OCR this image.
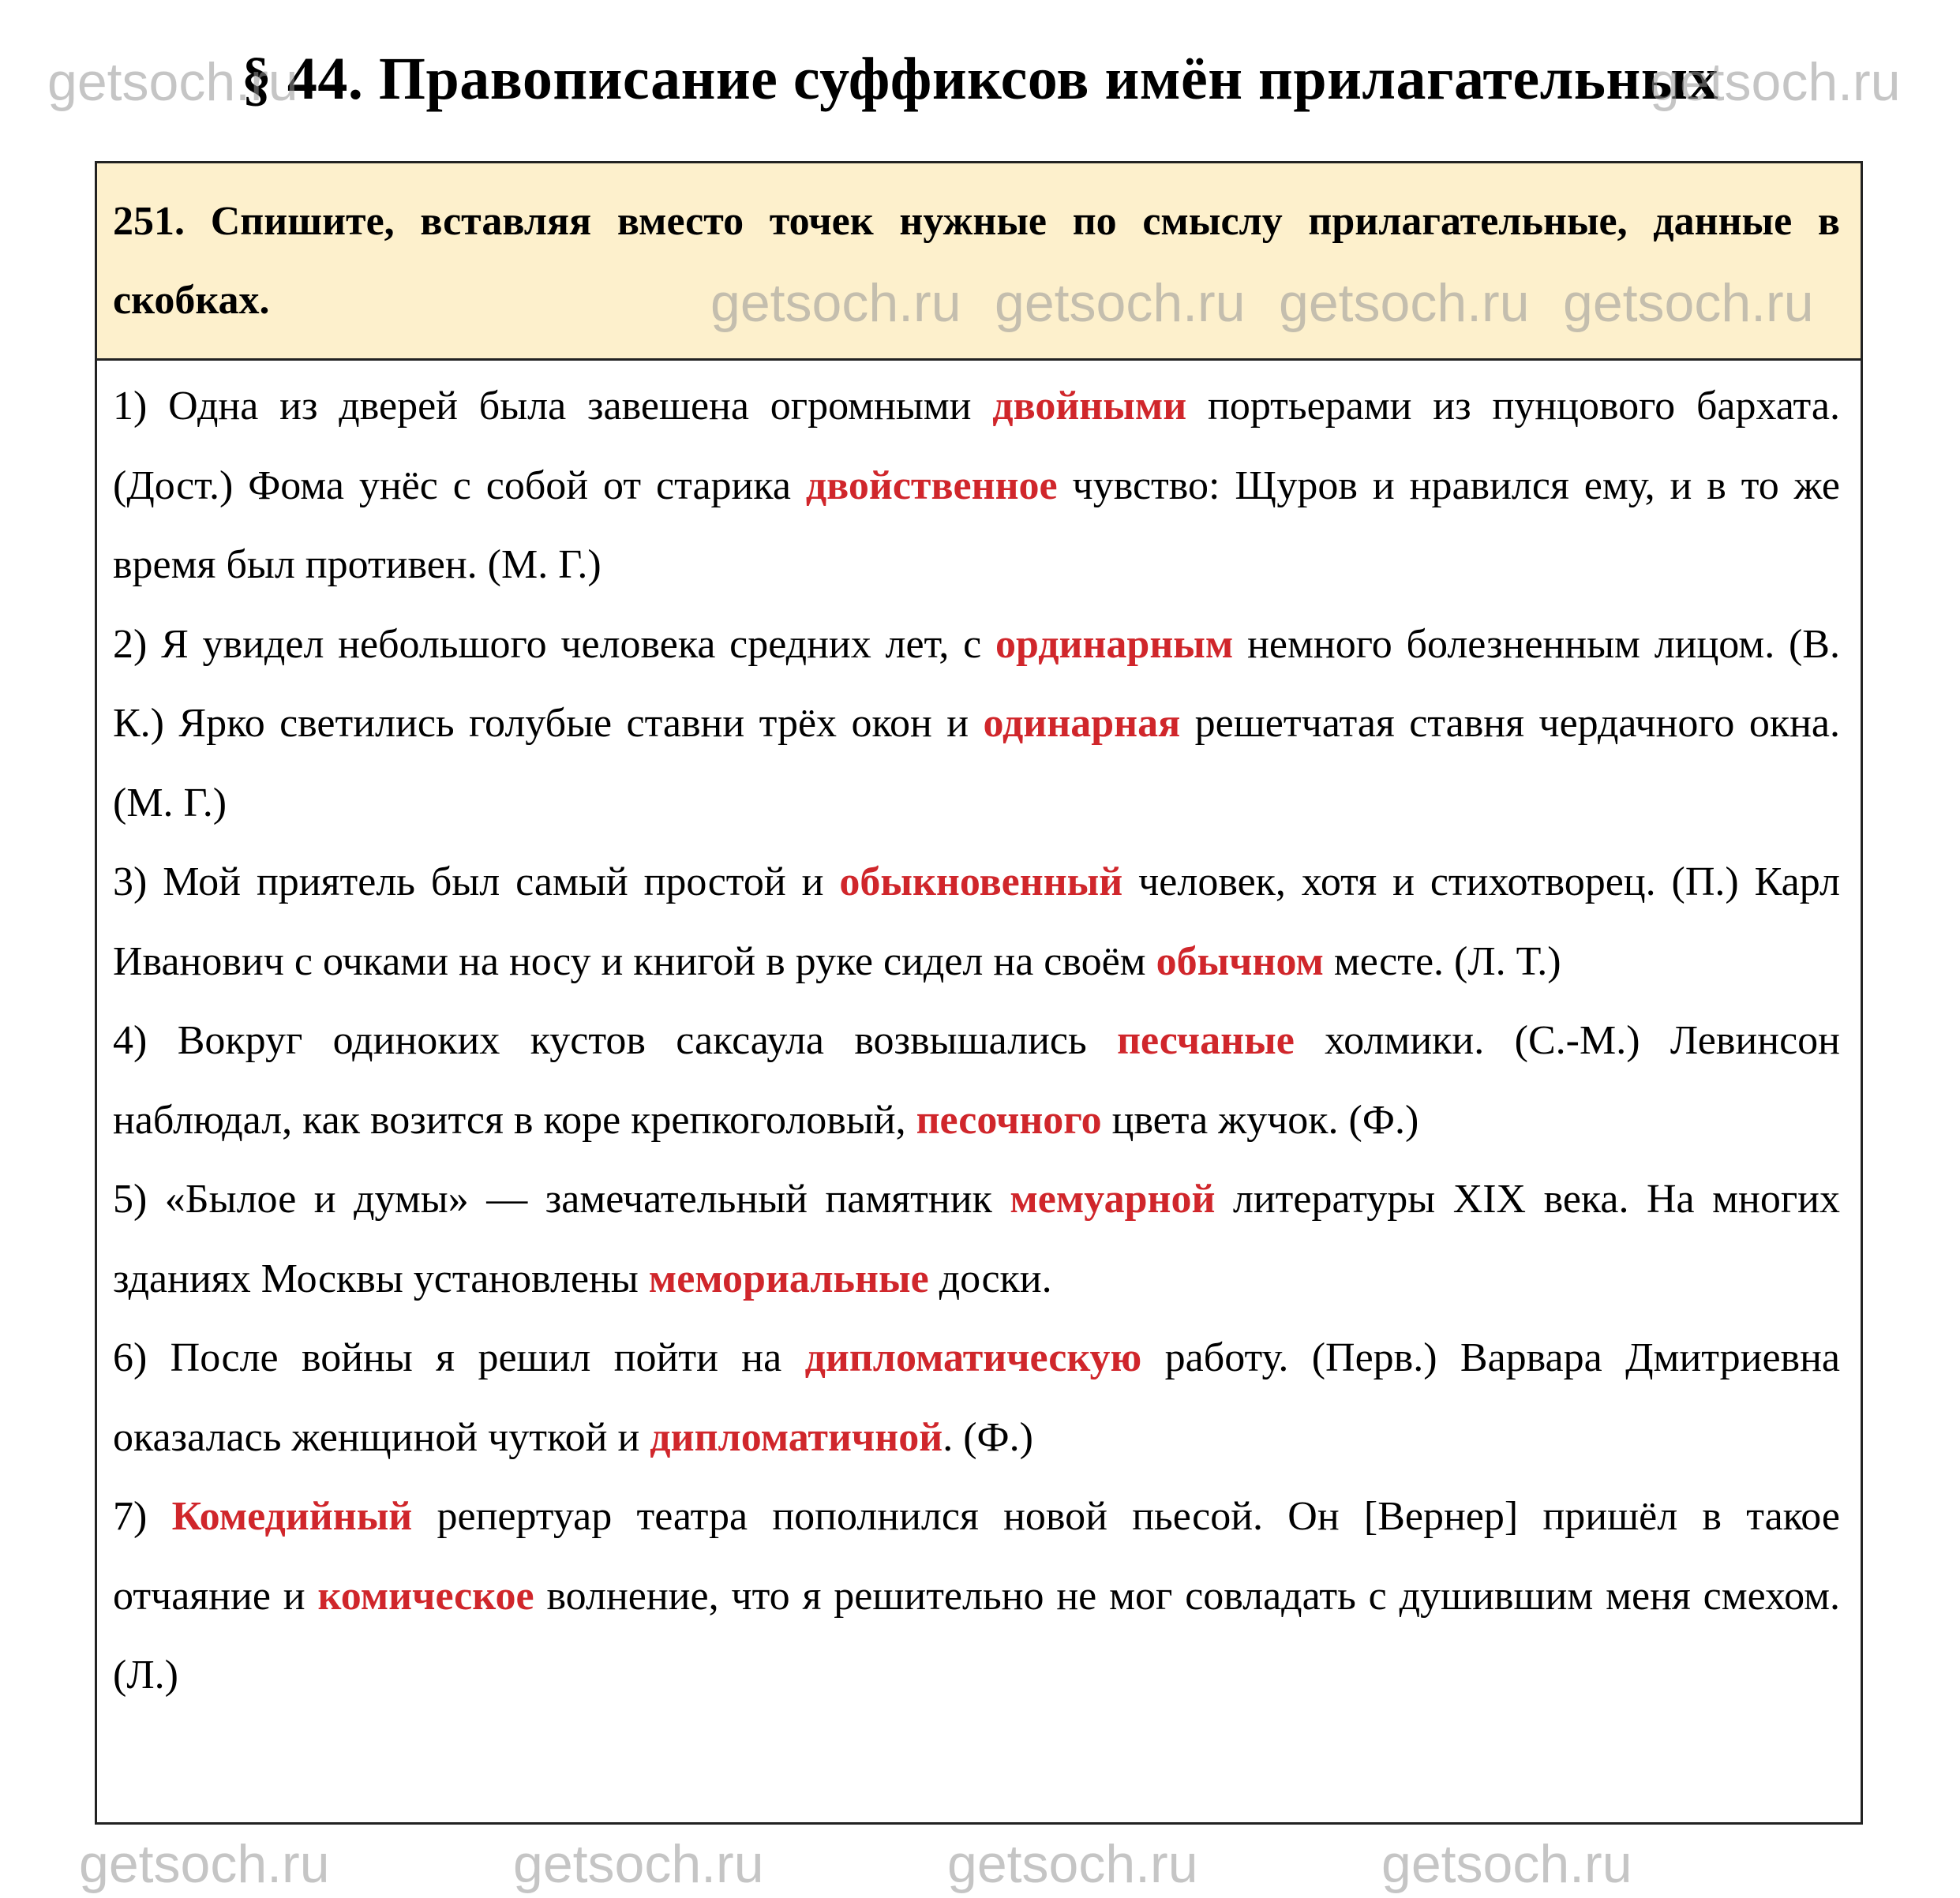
§ 44. Правописание суффиксов имён прилагательных
251. Спишите, вставляя вместо точек нужные по смыслу прилагательные, данные в скобках.

1) Одна из дверей была завешена огромными двойными портьерами из пунцового бархата. (Дост.) Фома унёс с собой от старика двойственное чувство: Щуров и нравился ему, и в то же время был противен. (М. Г.)

2) Я увидел небольшого человека средних лет, с ординарным немного болезненным лицом. (В. К.) Ярко светились голубые ставни трёх окон и одинарная решетчатая ставня чердачного окна. (М. Г.)

3) Мой приятель был самый простой и обыкновенный человек, хотя и стихотворец. (П.) Карл Иванович с очками на носу и книгой в руке сидел на своём обычном месте. (Л. Т.)

4) Вокруг одиноких кустов саксаула возвышались песчаные холмики. (С.-М.) Левинсон наблюдал, как возится в коре крепкоголовый, песочного цвета жучок. (Ф.)

5) «Былое и думы» — замечательный памятник мемуарной литературы XIX века. На многих зданиях Москвы установлены мемориальные доски.

6) После войны я решил пойти на дипломатическую работу. (Перв.) Варвара Дмитриевна оказалась женщиной чуткой и дипломатичной. (Ф.)

7) Комедийный репертуар театра пополнился новой пьесой. Он [Вернер] пришёл в такое отчаяние и комическое волнение, что я решительно не мог совладать с душившим меня смехом. (Л.)

getsoch.ru	getsoch.ru
getsoch.ru getsoch.ru getsoch.ru getsoch.ru
getsoch.ru	getsoch.ru	getsoch.ru	getsoch.ru
